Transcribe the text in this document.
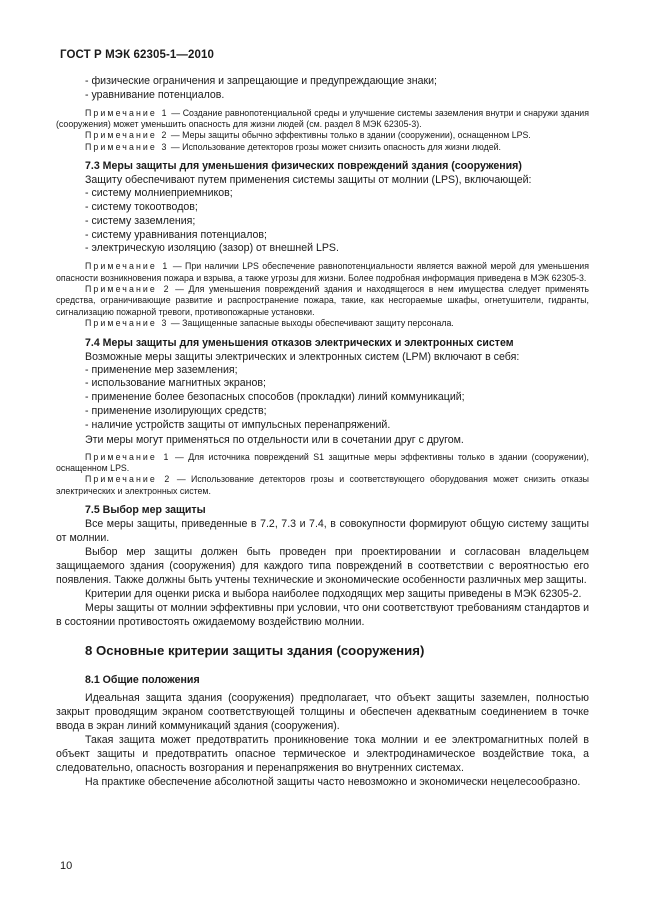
ГОСТ Р МЭК 62305-1—2010

- физические ограничения и запрещающие и предупреждающие знаки;

- уравнивание потенциалов.

Примечание 1 — Создание равнопотенциальной среды и улучшение системы заземления внутри и снаружи здания (сооружения) может уменьшить опасность для жизни людей (см. раздел 8 МЭК 62305-3).

Примечание 2 — Меры защиты обычно эффективны только в здании (сооружении), оснащенном LPS.

Примечание 3 — Использование детекторов грозы может снизить опасность для жизни людей.

7.3 Меры защиты для уменьшения физических повреждений здания (сооружения)

Защиту обеспечивают путем применения системы защиты от молнии (LPS), включающей:

- систему молниеприемников;

- систему токоотводов;

- систему заземления;

- систему уравнивания потенциалов;

- электрическую изоляцию (зазор) от внешней LPS.

Примечание 1 — При наличии LPS обеспечение равнопотенциальности является важной мерой для уменьшения опасности возникновения пожара и взрыва, а также угрозы для жизни. Более подробная информация приведена в МЭК 62305-3.

Примечание 2 — Для уменьшения повреждений здания и находящегося в нем имущества следует применять средства, ограничивающие развитие и распространение пожара, такие, как несгораемые шкафы, огнетушители, гидранты, сигнализацию пожарной тревоги, противопожарные установки.

Примечание 3 — Защищенные запасные выходы обеспечивают защиту персонала.

7.4 Меры защиты для уменьшения отказов электрических и электронных систем

Возможные меры защиты электрических и электронных систем (LPM) включают в себя:

- применение мер заземления;

- использование магнитных экранов;

- применение более безопасных способов (прокладки) линий коммуникаций;

- применение изолирующих средств;

- наличие устройств защиты от импульсных перенапряжений.

Эти меры могут применяться по отдельности или в сочетании друг с другом.

Примечание 1 — Для источника повреждений S1 защитные меры эффективны только в здании (сооружении), оснащенном LPS.

Примечание 2 — Использование детекторов грозы и соответствующего оборудования может снизить отказы электрических и электронных систем.

7.5 Выбор мер защиты

Все меры защиты, приведенные в 7.2, 7.3 и 7.4, в совокупности формируют общую систему защиты от молнии.

Выбор мер защиты должен быть проведен при проектировании и согласован владельцем защищаемого здания (сооружения) для каждого типа повреждений в соответствии с вероятностью его появления. Также должны быть учтены технические и экономические особенности различных мер защиты.

Критерии для оценки риска и выбора наиболее подходящих мер защиты приведены в МЭК 62305-2.

Меры защиты от молнии эффективны при условии, что они соответствуют требованиям стандартов и в состоянии противостоять ожидаемому воздействию молнии.

8 Основные критерии защиты здания (сооружения)

8.1 Общие положения

Идеальная защита здания (сооружения) предполагает, что объект защиты заземлен, полностью закрыт проводящим экраном соответствующей толщины и обеспечен адекватным соединением в точке ввода в экран линий коммуникаций здания (сооружения).

Такая защита может предотвратить проникновение тока молнии и ее электромагнитных полей в объект защиты и предотвратить опасное термическое и электродинамическое воздействие тока, а следовательно, опасность возгорания и перенапряжения во внутренних системах.

На практике обеспечение абсолютной защиты часто невозможно и экономически нецелесообразно.

10
